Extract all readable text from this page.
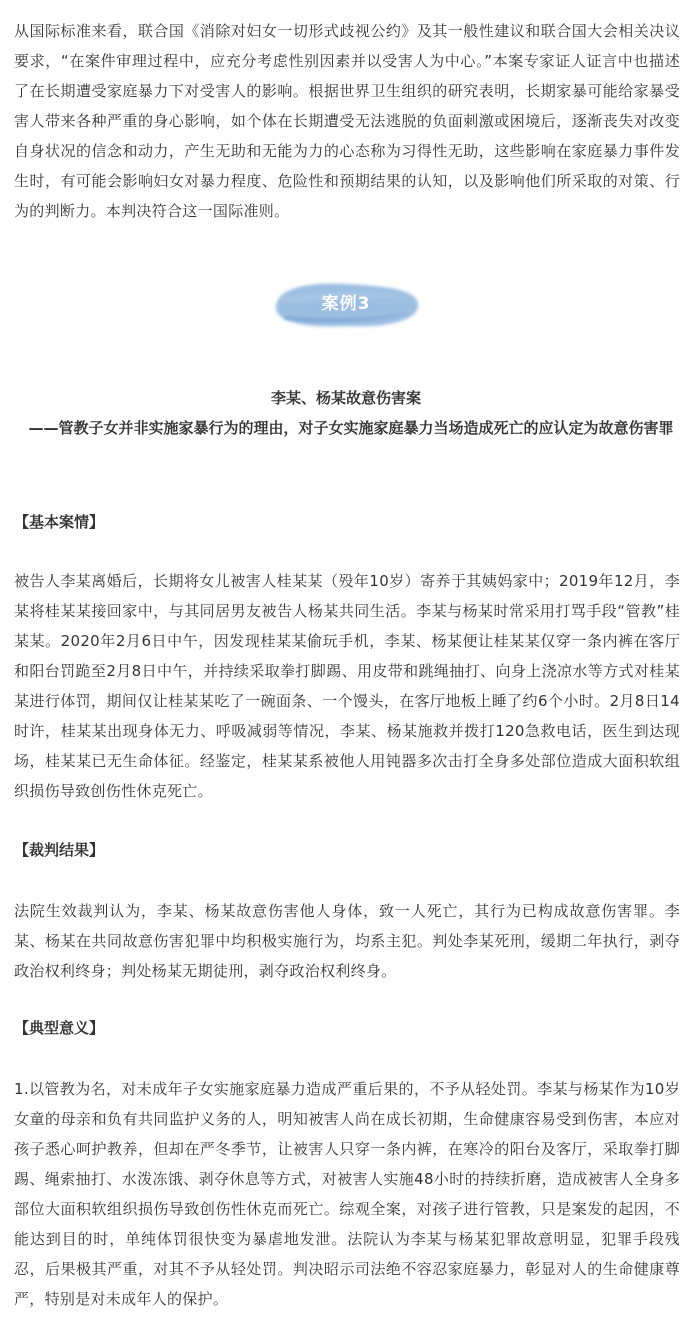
从国际标准来看，联合国《消除对妇女一切形式歧视公约》及其一般性建议和联合国大会相关决议要求，“在案件审理过程中，应充分考虑性别因素并以受害人为中心。”本案专家证人证言中也描述了在长期遭受家庭暴力下对受害人的影响。根据世界卫生组织的研究表明，长期家暴可能给家暴受害人带来各种严重的身心影响，如个体在长期遭受无法逃脱的负面刺激或困境后，逐渐丧失对改变自身状况的信念和动力，产生无助和无能为力的心态称为习得性无助，这些影响在家庭暴力事件发生时，有可能会影响妇女对暴力程度、危险性和预期结果的认知，以及影响他们所采取的对策、行为的判断力。本判决符合这一国际准则。

案例3

李某、杨某故意伤害案

——管教子女并非实施家暴行为的理由，对子女实施家庭暴力当场造成死亡的应认定为故意伤害罪

【基本案情】

被告人李某离婚后，长期将女儿被害人桂某某（殁年10岁）寄养于其姨妈家中；2019年12月，李某将桂某某接回家中，与其同居男友被告人杨某共同生活。李某与杨某时常采用打骂手段“管教”桂某某。2020年2月6日中午，因发现桂某某偷玩手机，李某、杨某便让桂某某仅穿一条内裤在客厅和阳台罚跪至2月8日中午，并持续采取拳打脚踢、用皮带和跳绳抽打、向身上浇凉水等方式对桂某某进行体罚，期间仅让桂某某吃了一碗面条、一个馒头，在客厅地板上睡了约6个小时。2月8日14时许，桂某某出现身体无力、呼吸减弱等情况，李某、杨某施救并拨打120急救电话，医生到达现场，桂某某已无生命体征。经鉴定，桂某某系被他人用钝器多次击打全身多处部位造成大面积软组织损伤导致创伤性休克死亡。

【裁判结果】

法院生效裁判认为，李某、杨某故意伤害他人身体，致一人死亡，其行为已构成故意伤害罪。李某、杨某在共同故意伤害犯罪中均积极实施行为，均系主犯。判处李某死刑，缓期二年执行，剥夺政治权利终身；判处杨某无期徒刑，剥夺政治权利终身。

【典型意义】

1.以管教为名，对未成年子女实施家庭暴力造成严重后果的，不予从轻处罚。李某与杨某作为10岁女童的母亲和负有共同监护义务的人，明知被害人尚在成长初期，生命健康容易受到伤害，本应对孩子悉心呵护教养，但却在严冬季节，让被害人只穿一条内裤，在寒冷的阳台及客厅，采取拳打脚踢、绳索抽打、水泼冻饿、剥夺休息等方式，对被害人实施48小时的持续折磨，造成被害人全身多部位大面积软组织损伤导致创伤性休克而死亡。综观全案，对孩子进行管教，只是案发的起因，不能达到目的时，单纯体罚很快变为暴虐地发泄。法院认为李某与杨某犯罪故意明显，犯罪手段残忍，后果极其严重，对其不予从轻处罚。判决昭示司法绝不容忍家庭暴力，彰显对人的生命健康尊严，特别是对未成年人的保护。
